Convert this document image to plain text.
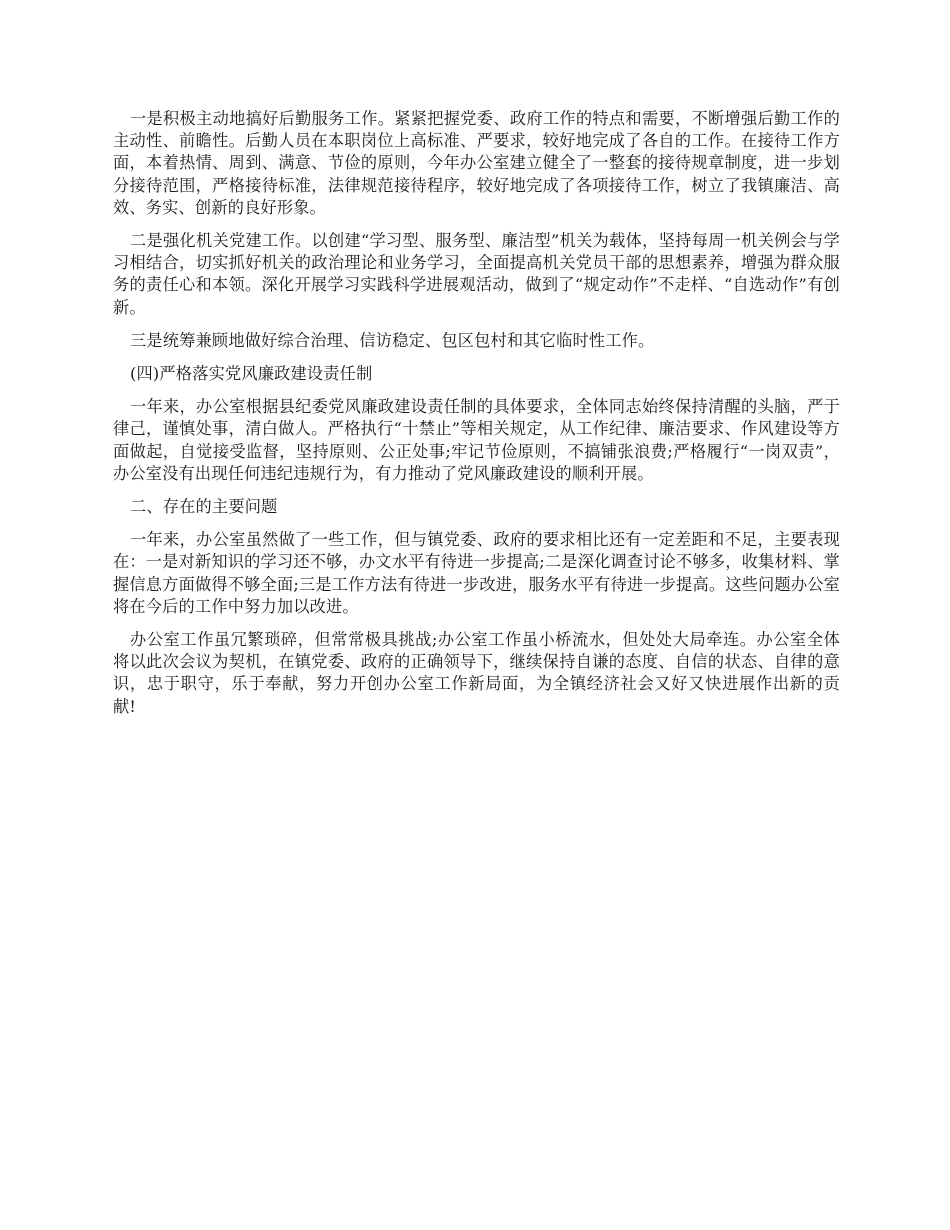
一是积极主动地搞好后勤服务工作。紧紧把握党委、政府工作的特点和需要，不断增强后勤工作的主动性、前瞻性。后勤人员在本职岗位上高标准、严要求，较好地完成了各自的工作。在接待工作方面，本着热情、周到、满意、节俭的原则，今年办公室建立健全了一整套的接待规章制度，进一步划分接待范围，严格接待标准，法律规范接待程序，较好地完成了各项接待工作，树立了我镇廉洁、高效、务实、创新的良好形象。

二是强化机关党建工作。以创建“学习型、服务型、廉洁型”机关为载体，坚持每周一机关例会与学习相结合，切实抓好机关的政治理论和业务学习，全面提高机关党员干部的思想素养，增强为群众服务的责任心和本领。深化开展学习实践科学进展观活动，做到了“规定动作”不走样、“自选动作”有创新。

三是统筹兼顾地做好综合治理、信访稳定、包区包村和其它临时性工作。

(四)严格落实党风廉政建设责任制

一年来，办公室根据县纪委党风廉政建设责任制的具体要求，全体同志始终保持清醒的头脑，严于律己，谨慎处事，清白做人。严格执行“十禁止”等相关规定，从工作纪律、廉洁要求、作风建设等方面做起，自觉接受监督，坚持原则、公正处事;牢记节俭原则，不搞铺张浪费;严格履行“一岗双责”，办公室没有出现任何违纪违规行为，有力推动了党风廉政建设的顺利开展。

二、存在的主要问题

一年来，办公室虽然做了一些工作，但与镇党委、政府的要求相比还有一定差距和不足，主要表现在：一是对新知识的学习还不够，办文水平有待进一步提高;二是深化调查讨论不够多，收集材料、掌握信息方面做得不够全面;三是工作方法有待进一步改进，服务水平有待进一步提高。这些问题办公室将在今后的工作中努力加以改进。

办公室工作虽冗繁琐碎，但常常极具挑战;办公室工作虽小桥流水，但处处大局牵连。办公室全体将以此次会议为契机，在镇党委、政府的正确领导下，继续保持自谦的态度、自信的状态、自律的意识，忠于职守，乐于奉献，努力开创办公室工作新局面，为全镇经济社会又好又快进展作出新的贡献!
